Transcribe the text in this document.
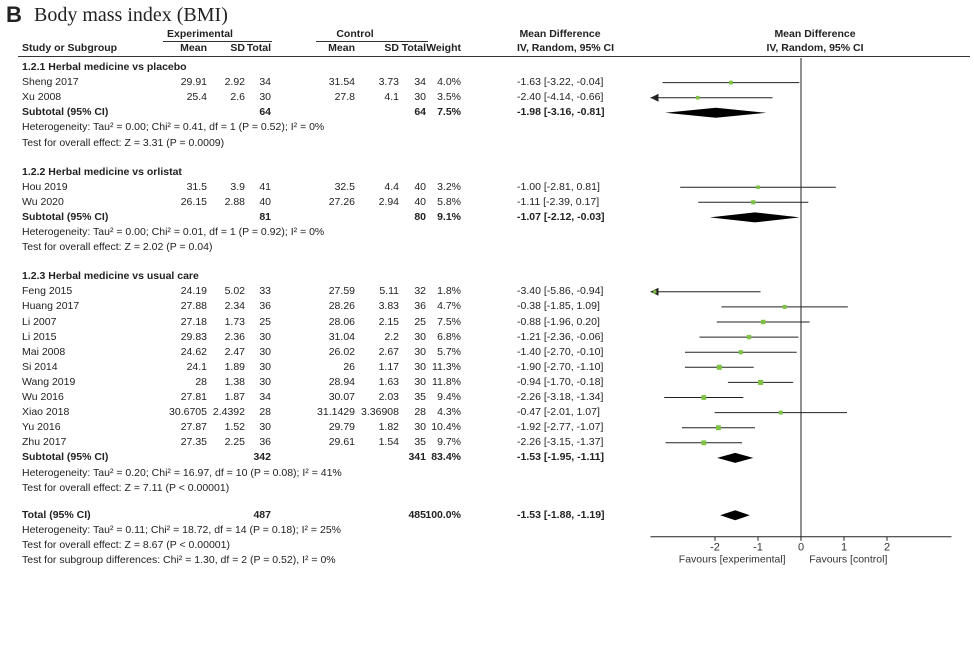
B Body mass index (BMI)
Experimental	Control	Mean Difference	Mean Difference
Study or Subgroup	Mean SD Total	Mean	SD Total Weight	IV, Random, 95% CI	IV, Random, 95% CI
1.2.1 Herbal medicine vs placebo
Sheng 2017	29.91 2.92 34	31.54 3.73 34 4.0%	-1.63 [-3.22, -0.04]
Xu 2008	25.4 2.6 30	27.8	4.1 30 3.5%	-2.40 [-4.14, -0.66]
Subtotal (95% CI)	64	64 7.5%	-1.98 [-3.16, -0.81]
Heterogeneity: Tau² = 0.00; Chi² = 0.41, df = 1 (P = 0.52); I² = 0%
Test for overall effect: Z = 3.31 (P = 0.0009)
1.2.2 Herbal medicine vs orlistat
Hou 2019	31.5 3.9 41	32.5	4.4 40 3.2%	-1.00 [-2.81, 0.81]
Wu 2020	26.15 2.88 40	27.26 2.94 40 5.8%	-1.11 [-2.39, 0.17]
Subtotal (95% CI)	81	80 9.1%	-1.07 [-2.12, -0.03]
Heterogeneity: Tau² = 0.00; Chi² = 0.01, df = 1 (P = 0.92); I² = 0%
Test for overall effect: Z = 2.02 (P = 0.04)
1.2.3 Herbal medicine vs usual care
Feng 2015	24.19 5.02 33	27.59 5.11 32 1.8%	-3.40 [-5.86, -0.94]
Huang 2017	27.88 2.34 36	28.26 3.83 36 4.7%	-0.38 [-1.85, 1.09]
Li 2007	27.18 1.73 25	28.06 2.15 25 7.5%	-0.88 [-1.96, 0.20]
Li 2015	29.83 2.36 30	31.04	2.2 30 6.8%	-1.21 [-2.36, -0.06]
Mai 2008	24.62 2.47 30	26.02 2.67 30 5.7%	-1.40 [-2.70, -0.10]
Si 2014	24.1 1.89 30	26 1.17 30 11.3%	-1.90 [-2.70, -1.10]
Wang 2019	28 1.38 30	28.94 1.63 30 11.8%	-0.94 [-1.70, -0.18]
Wu 2016	27.81 1.87 34	30.07 2.03 35 9.4%	-2.26 [-3.18, -1.34]
Xiao 2018	30.6705 2.4392 28	31.1429 3.36908 28 4.3%	-0.47 [-2.01, 1.07]
Yu 2016	27.87 1.52 30	29.79 1.82 30 10.4%	-1.92 [-2.77, -1.07]
Zhu 2017	27.35 2.25 36	29.61 1.54 35 9.7%	-2.26 [-3.15, -1.37]
Subtotal (95% CI)	342	341 83.4%	-1.53 [-1.95, -1.11]
Heterogeneity: Tau² = 0.20; Chi² = 16.97, df = 10 (P = 0.08); I² = 41%
Test for overall effect: Z = 7.11 (P < 0.00001)
Total (95% CI)	487	485 100.0%	-1.53 [-1.88, -1.19]
Heterogeneity: Tau² = 0.11; Chi² = 18.72, df = 14 (P = 0.18); I² = 25%
Test for overall effect: Z = 8.67 (P < 0.00001)
Test for subgroup differences: Chi² = 1.30, df = 2 (P = 0.52), I² = 0%
-2	-1	0	1	2
Favours [experimental] Favours [control]
